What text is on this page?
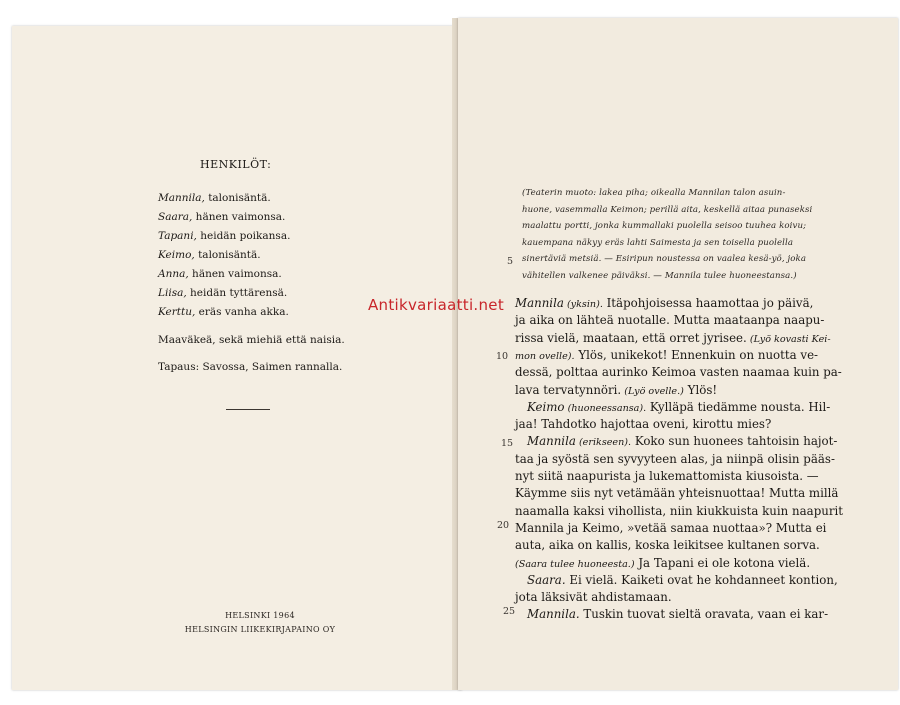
HENKILÖT:
Mannila, talonisäntä.
Saara, hänen vaimonsa.
Tapani, heidän poikansa.
Keimo, talonisäntä.
Anna, hänen vaimonsa.
Liisa, heidän tyttärensä.
Kerttu, eräs vanha akka.
Maaväkeä, sekä miehiä että naisia.
Tapaus: Savossa, Saimen rannalla.
HELSINKI 1964
HELSINGIN LIIKEKIRJAPAINO OY
Antikvariaatti.net
(Teaterin muoto: lakea piha; oikealla Mannilan talon asuin-
huone, vasemmalla Keimon; perillä aita, keskellä aitaa punaseksi
maalattu portti, jonka kummallaki puolella seisoo tuuhea koivu;
kauempana näkyy eräs lahti Saimesta ja sen toisella puolella
sinertäviä metsiä. — Esiripun noustessa on vaalea kesä-yö, joka
vähitellen valkenee päiväksi. — Mannila tulee huoneestansa.)
5
10
15
20
25
Mannila (yksin). Itäpohjoisessa haamottaa jo päivä,
ja aika on lähteä nuotalle. Mutta maataanpa naapu-
rissa vielä, maataan, että orret jyrisee. (Lyö kovasti Kei-
mon ovelle). Ylös, unikekot! Ennenkuin on nuotta ve-
dessä, polttaa aurinko Keimoa vasten naamaa kuin pa-
lava tervatynnöri. (Lyö ovelle.) Ylös!
Keimo (huoneessansa). Kylläpä tiedämme nousta. Hil-
jaa! Tahdotko hajottaa oveni, kirottu mies?
Mannila (erikseen). Koko sun huonees tahtoisin hajot-
taa ja syöstä sen syvyyteen alas, ja niinpä olisin pääs-
nyt siitä naapurista ja lukemattomista kiusoista. —
Käymme siis nyt vetämään yhteisnuottaa! Mutta millä
naamalla kaksi vihollista, niin kiukkuista kuin naapurit
Mannila ja Keimo, »vetää samaa nuottaa»? Mutta ei
auta, aika on kallis, koska leikitsee kultanen sorva.
(Saara tulee huoneesta.) Ja Tapani ei ole kotona vielä.
Saara. Ei vielä. Kaiketi ovat he kohdanneet kontion,
jota läksivät ahdistamaan.
Mannila. Tuskin tuovat sieltä oravata, vaan ei kar-
